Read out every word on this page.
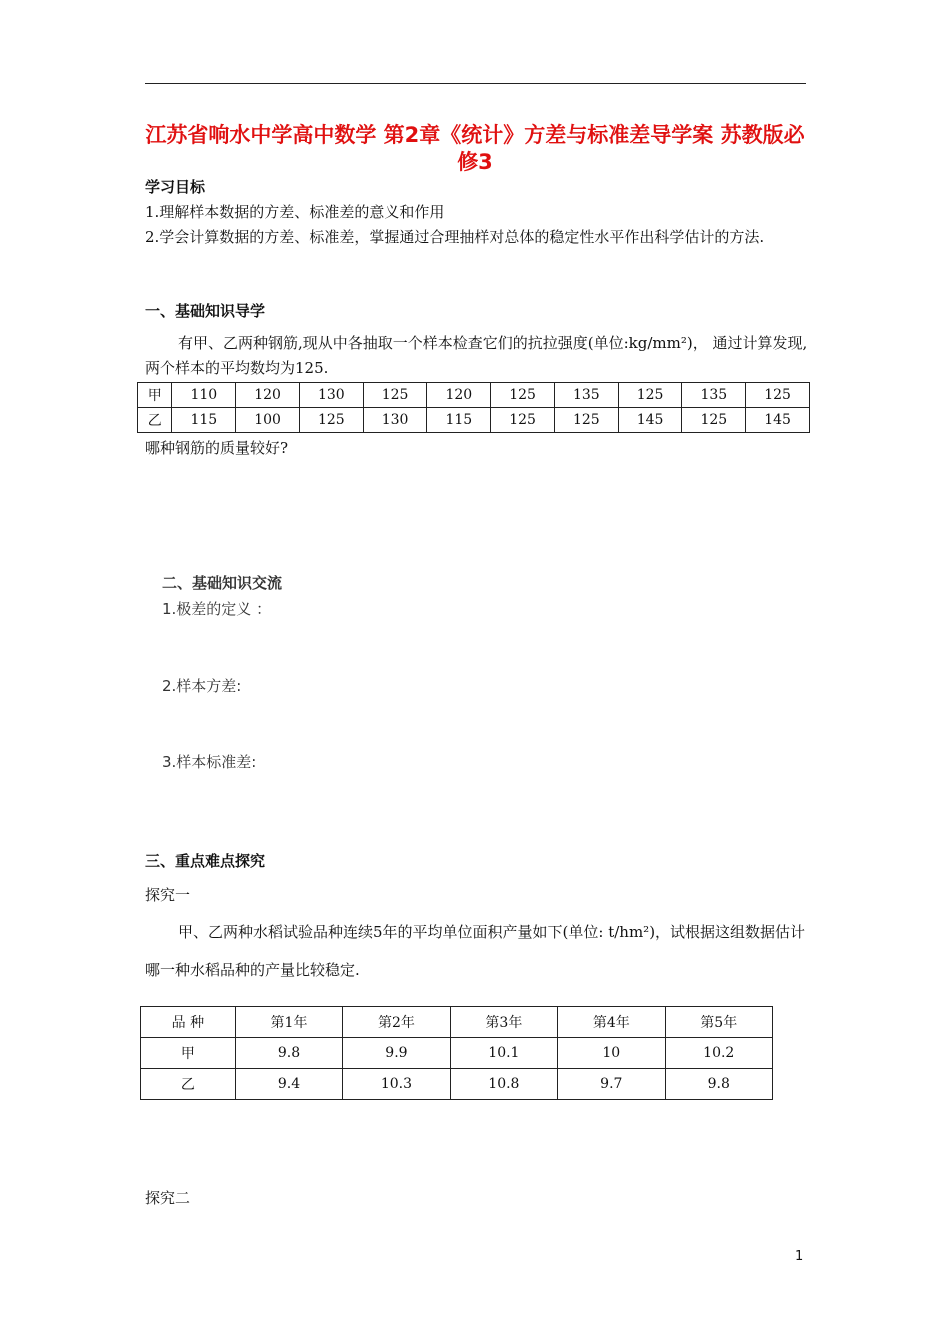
江苏省响水中学高中数学 第2章《统计》方差与标准差导学案 苏教版必修3
学习目标
1.理解样本数据的方差、标准差的意义和作用
2.学会计算数据的方差、标准差，掌握通过合理抽样对总体的稳定性水平作出科学估计的方法.
一、基础知识导学
有甲、乙两种钢筋,现从中各抽取一个样本检查它们的抗拉强度(单位:kg/mm²)， 通过计算发现,两个样本的平均数均为125.
甲	110	120	130	125	120	125	135	125	135	125
乙	115	100	125	130	115	125	125	145	125	145
哪种钢筋的质量较好?
二、基础知识交流
1.极差的定义 ：
2.样本方差:
3.样本标准差:
三、重点难点探究
探究一
甲、乙两种水稻试验品种连续5年的平均单位面积产量如下(单位: t/hm²)，试根据这组数据估计哪一种水稻品种的产量比较稳定.
品 种	第1年	第2年	第3年	第4年	第5年
甲	9.8	9.9	10.1	10	10.2
乙	9.4	10.3	10.8	9.7	9.8
探究二
1
